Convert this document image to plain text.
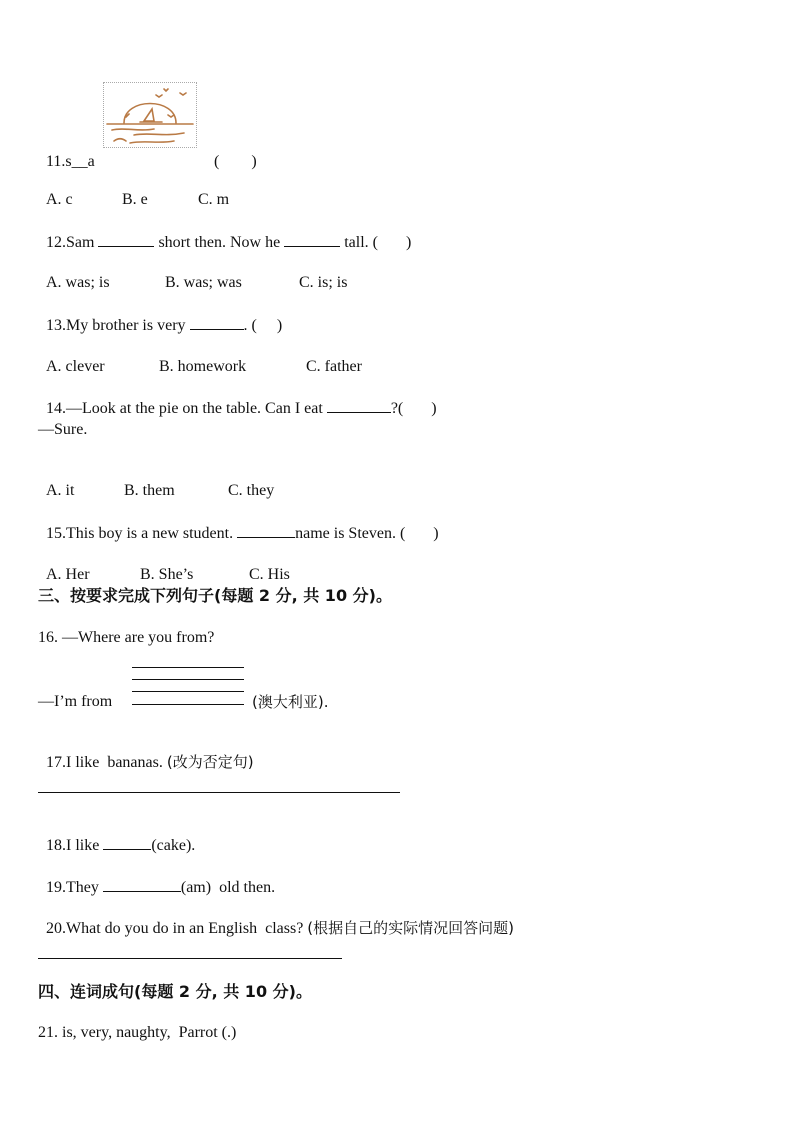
11.s__a	(        )

A. c	B. e	C. m

12.Sam	short then. Now he	tall. (       )

A. was; is	B. was; was	C. is; is

13.My brother is very	. (     )

A. clever	B. homework	C. father

14.—Look at the pie on the table. Can I eat	?(       )

—Sure.

A. it	B. them	C. they

15.This boy is a new student.	name is Steven. (       )

A. Her	B. She’s	C. His

三、按要求完成下列句子(每题 2 分, 共 10 分)。
16. —Where are you from?
—I’m from	(澳大利亚).

17.I like  bananas. (改为否定句)

18.I like	(cake).

19.They	(am)  old then.

20.What do you do in an English  class? (根据自己的实际情况回答问题)

四、连词成句(每题 2 分, 共 10 分)。
21. is, very, naughty,  Parrot (.)
